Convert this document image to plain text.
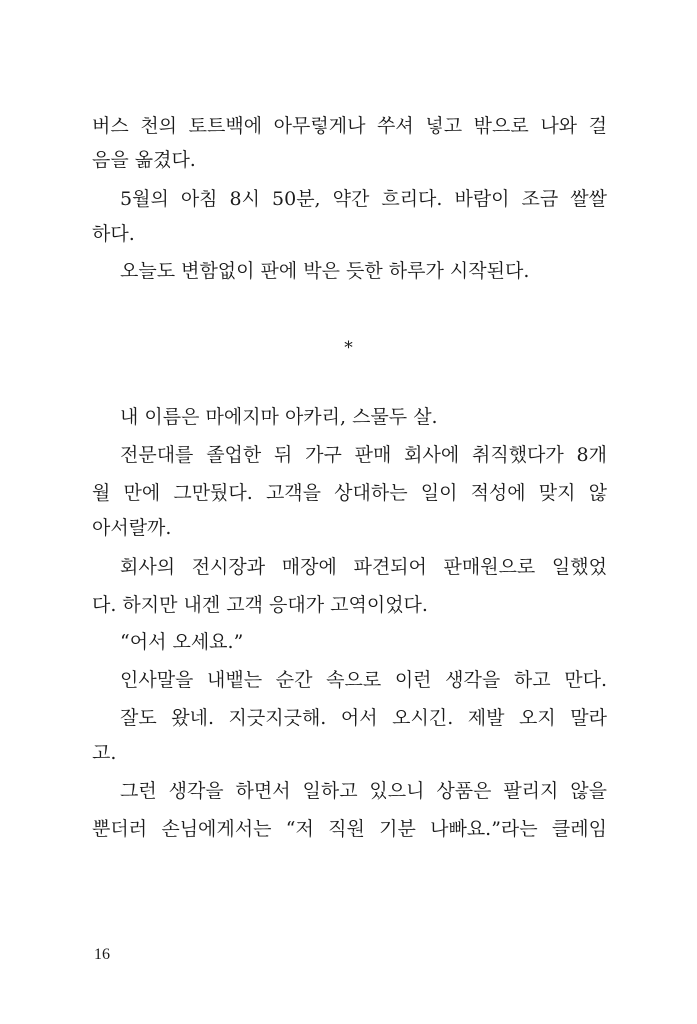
버스 천의 토트백에 아무렇게나 쑤셔 넣고 밖으로 나와 걸
음을 옮겼다.
5월의 아침 8시 50분, 약간 흐리다. 바람이 조금 쌀쌀
하다.
오늘도 변함없이 판에 박은 듯한 하루가 시작된다.
*
내 이름은 마에지마 아카리, 스물두 살.
전문대를 졸업한 뒤 가구 판매 회사에 취직했다가 8개
월 만에 그만뒀다. 고객을 상대하는 일이 적성에 맞지 않
아서랄까.
회사의 전시장과 매장에 파견되어 판매원으로 일했었
다. 하지만 내겐 고객 응대가 고역이었다.
“어서 오세요.”
인사말을 내뱉는 순간 속으로 이런 생각을 하고 만다.
잘도 왔네. 지긋지긋해. 어서 오시긴. 제발 오지 말라
고.
그런 생각을 하면서 일하고 있으니 상품은 팔리지 않을
뿐더러 손님에게서는 “저 직원 기분 나빠요.”라는 클레임
16
